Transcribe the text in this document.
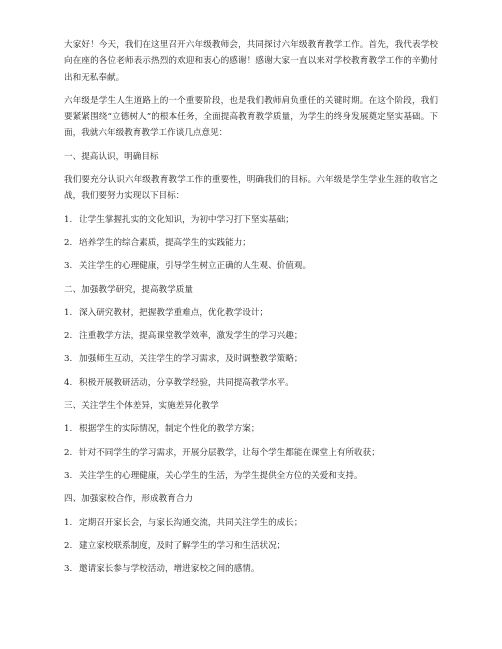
大家好！今天，我们在这里召开六年级教师会，共同探讨六年级教育教学工作。首先，我代表学校向在座的各位老师表示热烈的欢迎和衷心的感谢！感谢大家一直以来对学校教育教学工作的辛勤付出和无私奉献。

六年级是学生人生道路上的一个重要阶段，也是我们教师肩负重任的关键时期。在这个阶段，我们要紧紧围绕“立德树人”的根本任务，全面提高教育教学质量，为学生的终身发展奠定坚实基础。下面，我就六年级教育教学工作谈几点意见：

一、提高认识，明确目标

我们要充分认识六年级教育教学工作的重要性，明确我们的目标。六年级是学生学业生涯的收官之战，我们要努力实现以下目标：

1. 让学生掌握扎实的文化知识，为初中学习打下坚实基础；
2. 培养学生的综合素质，提高学生的实践能力；
3. 关注学生的心理健康，引导学生树立正确的人生观、价值观。
二、加强教学研究，提高教学质量
1. 深入研究教材，把握教学重难点，优化教学设计；
2. 注重教学方法，提高课堂教学效率，激发学生的学习兴趣；
3. 加强师生互动，关注学生的学习需求，及时调整教学策略；
4. 积极开展教研活动，分享教学经验，共同提高教学水平。
三、关注学生个体差异，实施差异化教学
1. 根据学生的实际情况，制定个性化的教学方案；
2. 针对不同学生的学习需求，开展分层教学，让每个学生都能在课堂上有所收获；
3. 关注学生的心理健康，关心学生的生活，为学生提供全方位的关爱和支持。
四、加强家校合作，形成教育合力
1. 定期召开家长会，与家长沟通交流，共同关注学生的成长；
2. 建立家校联系制度，及时了解学生的学习和生活状况；
3. 邀请家长参与学校活动，增进家校之间的感情。
